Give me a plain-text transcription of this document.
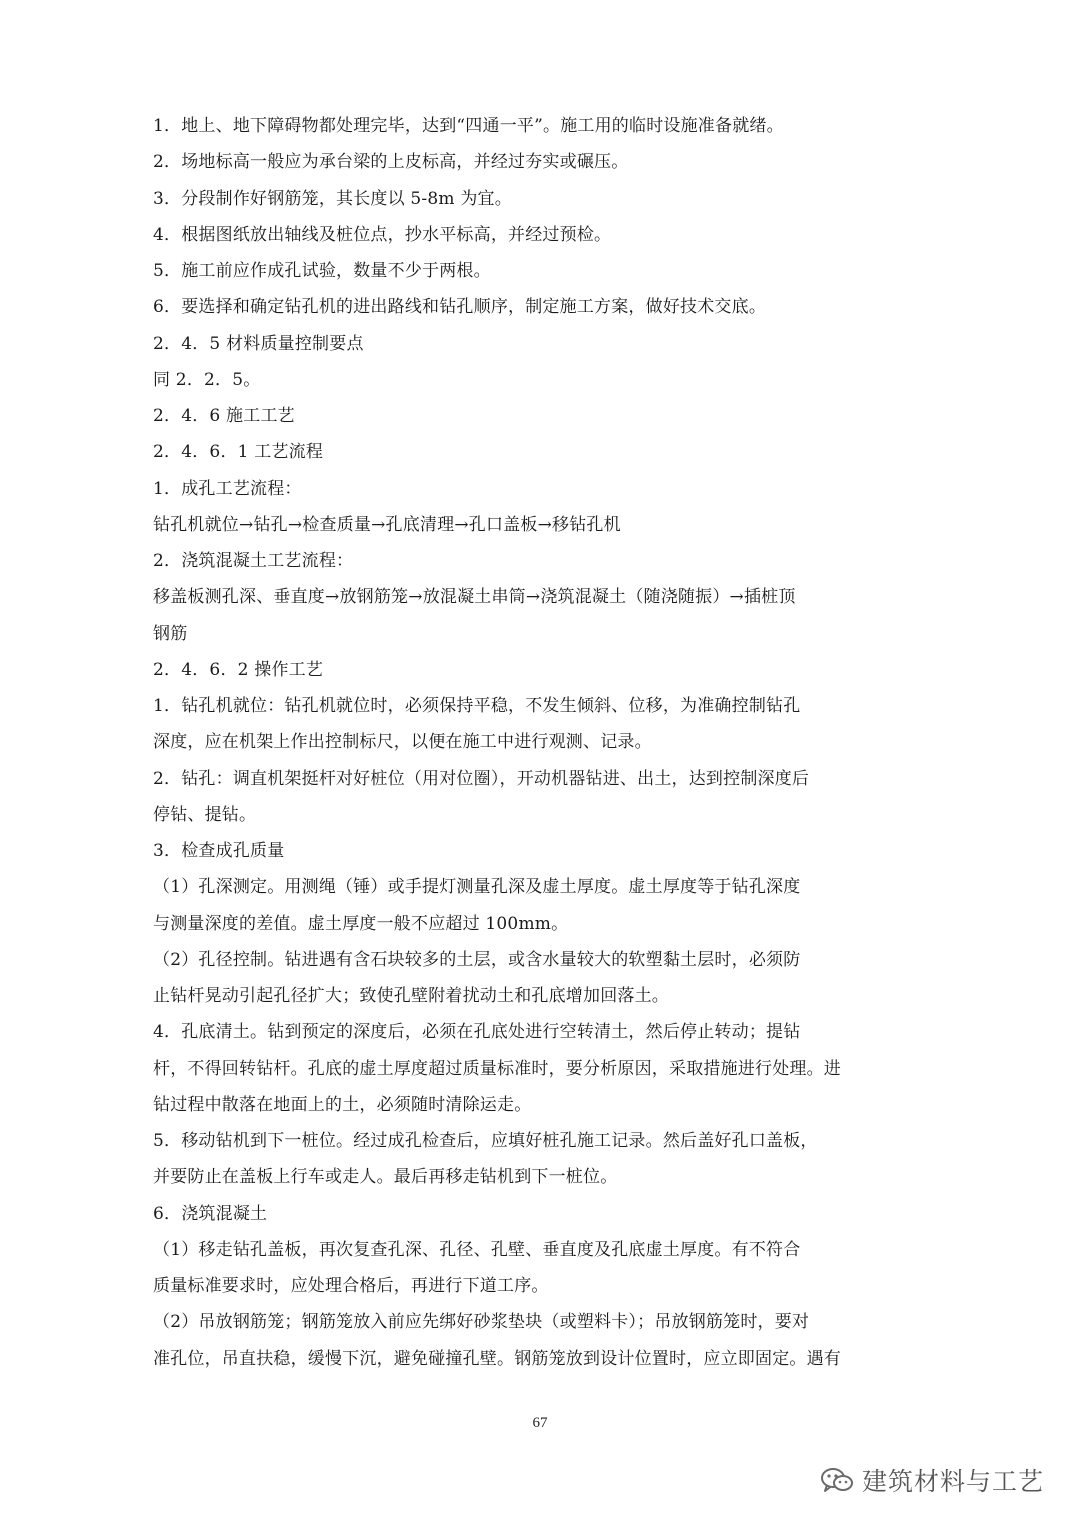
1．地上、地下障碍物都处理完毕，达到“四通一平”。施工用的临时设施准备就绪。
2．场地标高一般应为承台梁的上皮标高，并经过夯实或碾压。
3．分段制作好钢筋笼，其长度以 5-8m 为宜。
4．根据图纸放出轴线及桩位点，抄水平标高，并经过预检。
5．施工前应作成孔试验，数量不少于两根。
6．要选择和确定钻孔机的进出路线和钻孔顺序，制定施工方案，做好技术交底。
2．4．5 材料质量控制要点
同 2．2．5。
2．4．6 施工工艺
2．4．6．1 工艺流程
1．成孔工艺流程：
钻孔机就位→钻孔→检查质量→孔底清理→孔口盖板→移钻孔机
2．浇筑混凝土工艺流程：
移盖板测孔深、垂直度→放钢筋笼→放混凝土串筒→浇筑混凝土（随浇随振）→插桩顶
钢筋
2．4．6．2 操作工艺
1．钻孔机就位：钻孔机就位时，必须保持平稳，不发生倾斜、位移，为准确控制钻孔
深度，应在机架上作出控制标尺，以便在施工中进行观测、记录。
2．钻孔：调直机架挺杆对好桩位（用对位圈），开动机器钻进、出土，达到控制深度后
停钻、提钻。
3．检查成孔质量
（1）孔深测定。用测绳（锤）或手提灯测量孔深及虚土厚度。虚土厚度等于钻孔深度
与测量深度的差值。虚土厚度一般不应超过 100mm。
（2）孔径控制。钻进遇有含石块较多的土层，或含水量较大的软塑黏土层时，必须防
止钻杆晃动引起孔径扩大；致使孔壁附着扰动土和孔底增加回落土。
4．孔底清土。钻到预定的深度后，必须在孔底处进行空转清土，然后停止转动；提钻
杆，不得回转钻杆。孔底的虚土厚度超过质量标准时，要分析原因，采取措施进行处理。进
钻过程中散落在地面上的土，必须随时清除运走。
5．移动钻机到下一桩位。经过成孔检查后，应填好桩孔施工记录。然后盖好孔口盖板，
并要防止在盖板上行车或走人。最后再移走钻机到下一桩位。
6．浇筑混凝土
（1）移走钻孔盖板，再次复查孔深、孔径、孔壁、垂直度及孔底虚土厚度。有不符合
质量标准要求时，应处理合格后，再进行下道工序。
（2）吊放钢筋笼；钢筋笼放入前应先绑好砂浆垫块（或塑料卡）；吊放钢筋笼时，要对
准孔位，吊直扶稳，缓慢下沉，避免碰撞孔壁。钢筋笼放到设计位置时，应立即固定。遇有
67
建筑材料与工艺
